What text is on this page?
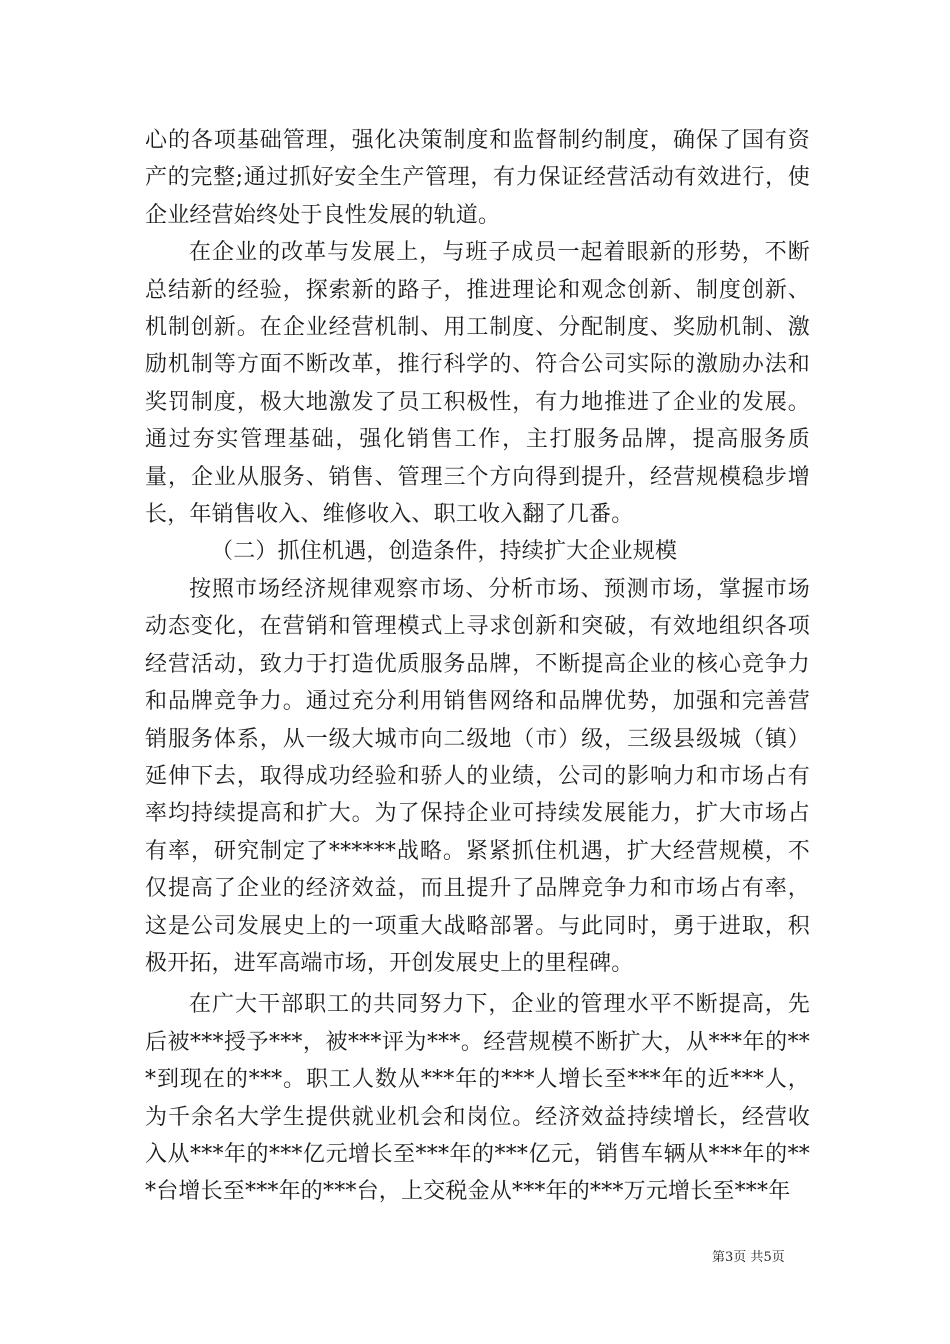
心的各项基础管理，强化决策制度和监督制约制度，确保了国有资产的完整;通过抓好安全生产管理，有力保证经营活动有效进行，使企业经营始终处于良性发展的轨道。

在企业的改革与发展上，与班子成员一起着眼新的形势，不断总结新的经验，探索新的路子，推进理论和观念创新、制度创新、机制创新。在企业经营机制、用工制度、分配制度、奖励机制、激励机制等方面不断改革，推行科学的、符合公司实际的激励办法和奖罚制度，极大地激发了员工积极性，有力地推进了企业的发展。通过夯实管理基础，强化销售工作，主打服务品牌，提高服务质量，企业从服务、销售、管理三个方向得到提升，经营规模稳步增长，年销售收入、维修收入、职工收入翻了几番。

（二）抓住机遇，创造条件，持续扩大企业规模

按照市场经济规律观察市场、分析市场、预测市场，掌握市场动态变化，在营销和管理模式上寻求创新和突破，有效地组织各项经营活动，致力于打造优质服务品牌，不断提高企业的核心竞争力和品牌竞争力。通过充分利用销售网络和品牌优势，加强和完善营销服务体系，从一级大城市向二级地（市）级，三级县级城（镇）延伸下去，取得成功经验和骄人的业绩，公司的影响力和市场占有率均持续提高和扩大。为了保持企业可持续发展能力，扩大市场占有率，研究制定了******战略。紧紧抓住机遇，扩大经营规模，不仅提高了企业的经济效益，而且提升了品牌竞争力和市场占有率，这是公司发展史上的一项重大战略部署。与此同时，勇于进取，积极开拓，进军高端市场，开创发展史上的里程碑。

在广大干部职工的共同努力下，企业的管理水平不断提高，先后被***授予***，被***评为***。经营规模不断扩大，从***年的***到现在的***。职工人数从***年的***人增长至***年的近***人，为千余名大学生提供就业机会和岗位。经济效益持续增长，经营收入从***年的***亿元增长至***年的***亿元，销售车辆从***年的***台增长至***年的***台，上交税金从***年的***万元增长至***年

第3页 共5页
